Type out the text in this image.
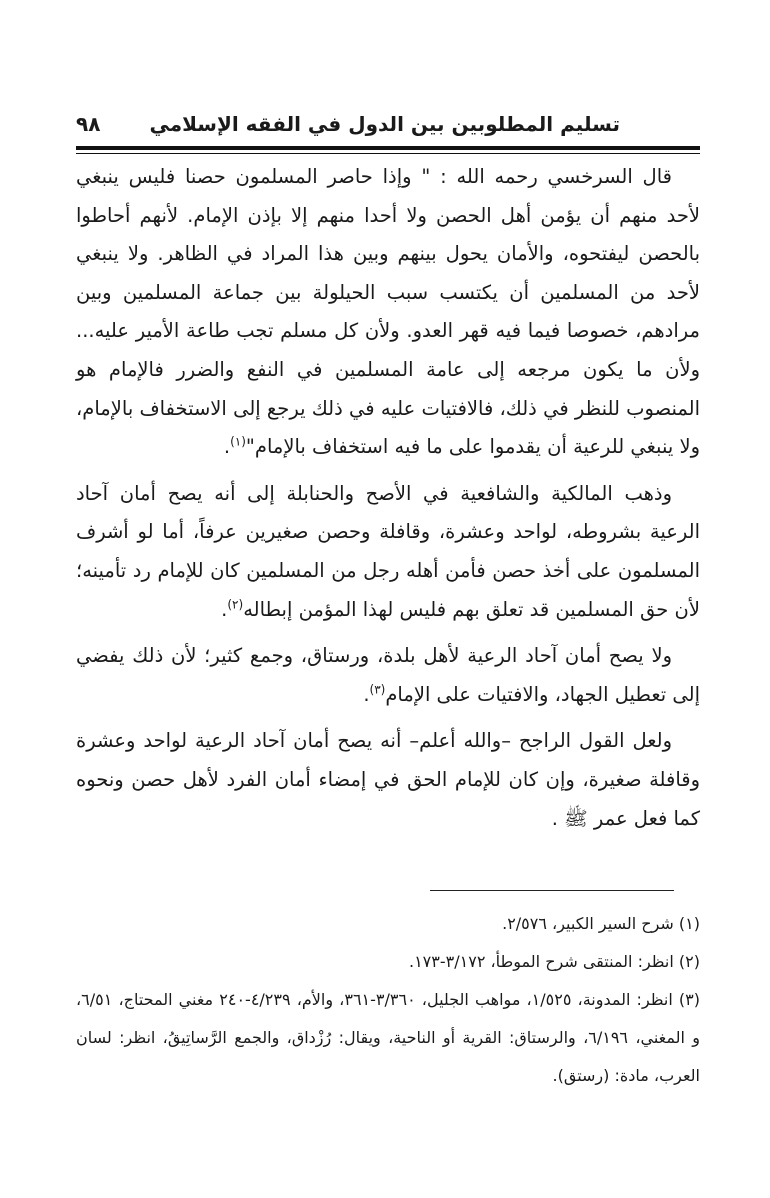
تسليم المطلوبين بين الدول في الفقه الإسلامي
٩٨

قال السرخسي رحمه الله : " وإذا حاصر المسلمون حصنا فليس ينبغي لأحد منهم أن يؤمن أهل الحصن ولا أحدا منهم إلا بإذن الإمام. لأنهم أحاطوا بالحصن ليفتحوه، والأمان يحول بينهم وبين هذا المراد في الظاهر. ولا ينبغي لأحد من المسلمين أن يكتسب سبب الحيلولة بين جماعة المسلمين وبين مرادهم، خصوصا فيما فيه قهر العدو. ولأن كل مسلم تجب طاعة الأمير عليه... ولأن ما يكون مرجعه إلى عامة المسلمين في النفع والضرر فالإمام هو المنصوب للنظر في ذلك، فالافتيات عليه في ذلك يرجع إلى الاستخفاف بالإمام، ولا ينبغي للرعية أن يقدموا على ما فيه استخفاف بالإمام"$^{(١)}$.

وذهب المالكية والشافعية في الأصح والحنابلة إلى أنه يصح أمان آحاد الرعية بشروطه، لواحد وعشرة، وقافلة وحصن صغيرين عرفاً، أما لو أشرف المسلمون على أخذ حصن فأمن أهله رجل من المسلمين كان للإمام رد تأمينه؛ لأن حق المسلمين قد تعلق بهم فليس لهذا المؤمن إبطاله$^{(٢)}$.

ولا يصح أمان آحاد الرعية لأهل بلدة، ورستاق، وجمع كثير؛ لأن ذلك يفضي إلى تعطيل الجهاد، والافتيات على الإمام$^{(٣)}$.

ولعل القول الراجح –والله أعلم– أنه يصح أمان آحاد الرعية لواحد وعشرة وقافلة صغيرة، وإن كان للإمام الحق في إمضاء أمان الفرد لأهل حصن ونحوه كما فعل عمر ﷺ .

(١) شرح السير الكبير، ٢/٥٧٦.

(٢) انظر: المنتقى شرح الموطأ، ٣/١٧٢-١٧٣.

(٣) انظر: المدونة، ١/٥٢٥، مواهب الجليل، ٣/٣٦٠-٣٦١، والأم، ٤/٢٣٩-٢٤٠ مغني المحتاج، ٦/٥١، و المغني، ٦/١٩٦، والرستاق: القرية أو الناحية، ويقال: رُزْداق، والجمع الرَّساتِيقُ، انظر: لسان العرب، مادة: (رستق).
